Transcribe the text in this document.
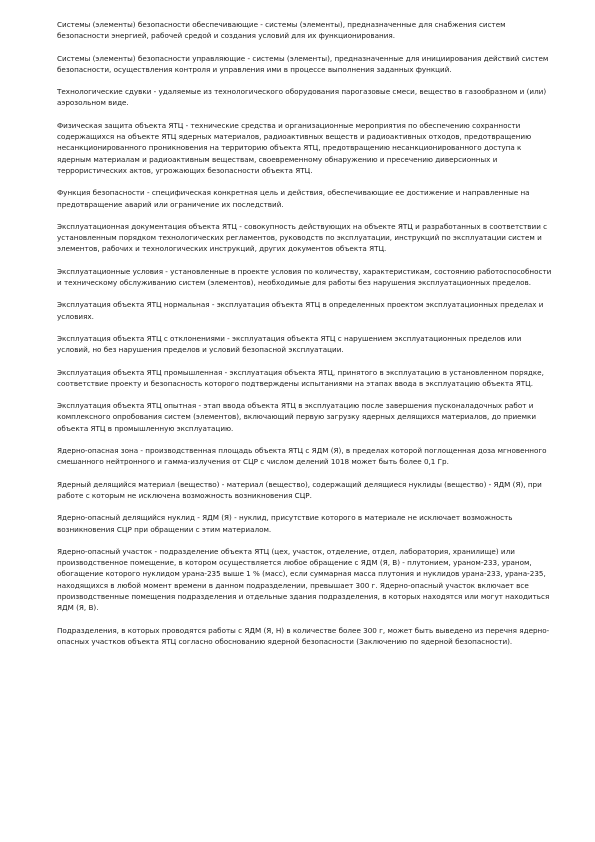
Системы (элементы) безопасности обеспечивающие - системы (элементы), предназначенные для снабжения систем безопасности энергией, рабочей средой и создания условий для их функционирования.

Системы (элементы) безопасности управляющие - системы (элементы), предназначенные для инициирования действий систем безопасности, осуществления контроля и управления ими в процессе выполнения заданных функций.

Технологические сдувки - удаляемые из технологического оборудования парогазовые смеси, вещество в газообразном и (или) аэрозольном виде.

Физическая защита объекта ЯТЦ - технические средства и организационные мероприятия по обеспечению сохранности содержащихся на объекте ЯТЦ ядерных материалов, радиоактивных веществ и радиоактивных отходов, предотвращению несанкционированного проникновения на территорию объекта ЯТЦ, предотвращению несанкционированного доступа к ядерным материалам и радиоактивным веществам, своевременному обнаружению и пресечению диверсионных и террористических актов, угрожающих безопасности объекта ЯТЦ.

Функция безопасности - специфическая конкретная цель и действия, обеспечивающие ее достижение и направленные на предотвращение аварий или ограничение их последствий.

Эксплуатационная документация объекта ЯТЦ - совокупность действующих на объекте ЯТЦ и разработанных в соответствии с установленным порядком технологических регламентов, руководств по эксплуатации, инструкций по эксплуатации систем и элементов, рабочих и технологических инструкций, других документов объекта ЯТЦ.

Эксплуатационные условия - установленные в проекте условия по количеству, характеристикам, состоянию работоспособности и техническому обслуживанию систем (элементов), необходимые для работы без нарушения эксплуатационных пределов.

Эксплуатация объекта ЯТЦ нормальная - эксплуатация объекта ЯТЦ в определенных проектом эксплуатационных пределах и условиях.

Эксплуатация объекта ЯТЦ с отклонениями - эксплуатация объекта ЯТЦ с нарушением эксплуатационных пределов или условий, но без нарушения пределов и условий безопасной эксплуатации.

Эксплуатация объекта ЯТЦ промышленная - эксплуатация объекта ЯТЦ, принятого в эксплуатацию в установленном порядке, соответствие проекту и безопасность которого подтверждены испытаниями на этапах ввода в эксплуатацию объекта ЯТЦ.

Эксплуатация объекта ЯТЦ опытная - этап ввода объекта ЯТЦ в эксплуатацию после завершения пусконаладочных работ и комплексного опробования систем (элементов), включающий первую загрузку ядерных делящихся материалов, до приемки объекта ЯТЦ в промышленную эксплуатацию.

Ядерно-опасная зона - производственная площадь объекта ЯТЦ с ЯДМ (Я), в пределах которой поглощенная доза мгновенного смешанного нейтронного и гамма-излучения от СЦР с числом делений 1018 может быть более 0,1 Гр.

Ядерный делящийся материал (вещество) - материал (вещество), содержащий делящиеся нуклиды (вещество) - ЯДМ (Я), при работе с которым не исключена возможность возникновения СЦР.

Ядерно-опасный делящийся нуклид - ЯДМ (Я) - нуклид, присутствие которого в материале не исключает возможность возникновения СЦР при обращении с этим материалом.

Ядерно-опасный участок - подразделение объекта ЯТЦ (цех, участок, отделение, отдел, лаборатория, хранилище) или производственное помещение, в котором осуществляется любое обращение с ЯДМ (Я, В) - плутонием, ураном-233, ураном, обогащение которого нуклидом урана-235 выше 1 % (масс), если суммарная масса плутония и нуклидов урана-233, урана-235, находящихся в любой момент времени в данном подразделении, превышает 300 г. Ядерно-опасный участок включает все производственные помещения подразделения и отдельные здания подразделения, в которых находятся или могут находиться ЯДМ (Я, В).

Подразделения, в которых проводятся работы с ЯДМ (Я, Н) в количестве более 300 г, может быть выведено из перечня ядерно-опасных участков объекта ЯТЦ согласно обоснованию ядерной безопасности (Заключению по ядерной безопасности).
